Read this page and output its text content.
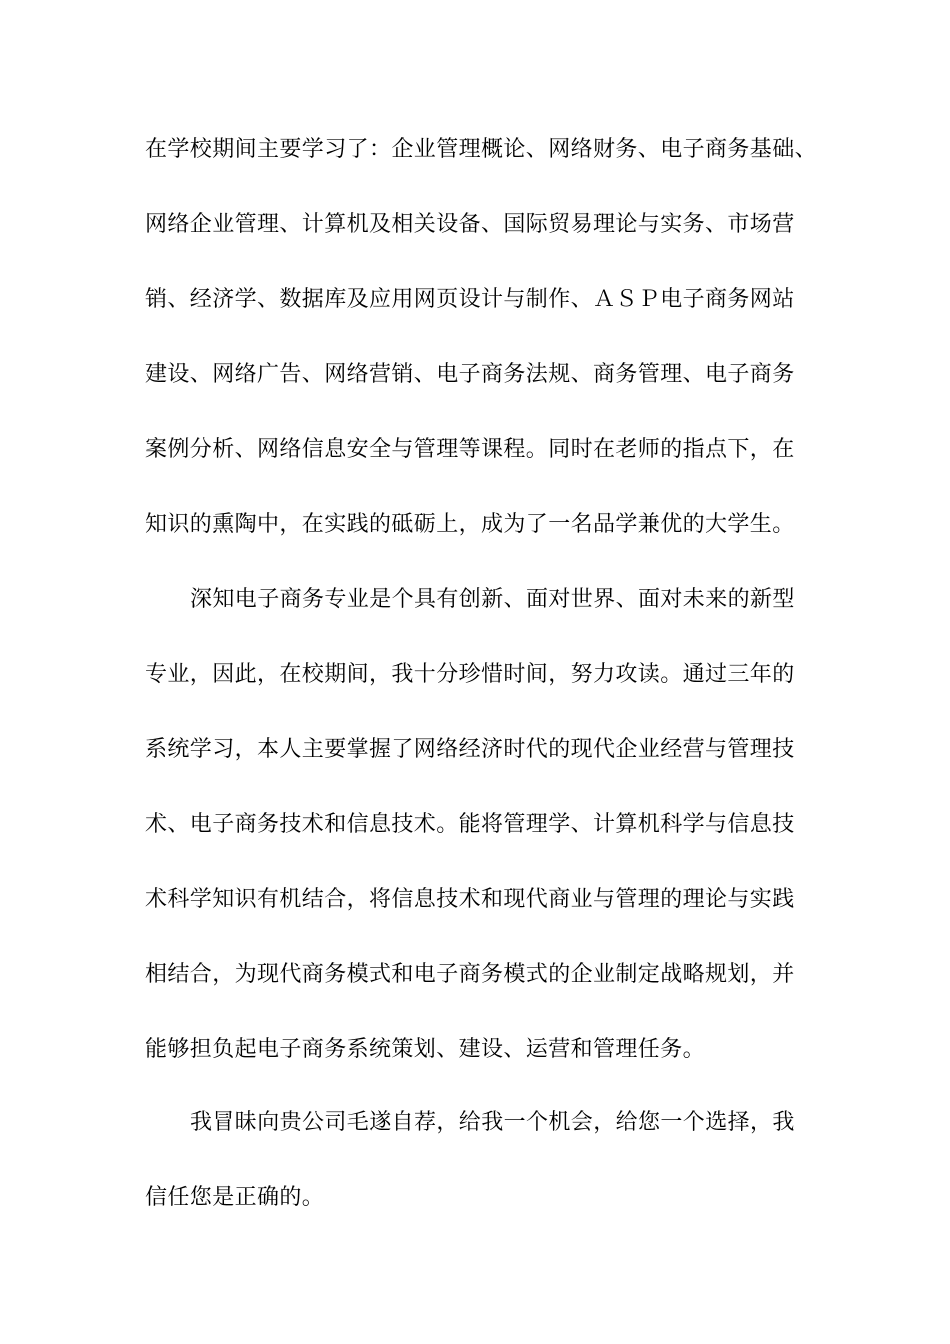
在学校期间主要学习了：企业管理概论、网络财务、电子商务基础、
网络企业管理、计算机及相关设备、国际贸易理论与实务、市场营
销、经济学、数据库及应用网页设计与制作、ＡＳＰ电子商务网站
建设、网络广告、网络营销、电子商务法规、商务管理、电子商务
案例分析、网络信息安全与管理等课程。同时在老师的指点下，在
知识的熏陶中，在实践的砥砺上，成为了一名品学兼优的大学生。
深知电子商务专业是个具有创新、面对世界、面对未来的新型
专业，因此，在校期间，我十分珍惜时间，努力攻读。通过三年的
系统学习，本人主要掌握了网络经济时代的现代企业经营与管理技
术、电子商务技术和信息技术。能将管理学、计算机科学与信息技
术科学知识有机结合，将信息技术和现代商业与管理的理论与实践
相结合，为现代商务模式和电子商务模式的企业制定战略规划，并
能够担负起电子商务系统策划、建设、运营和管理任务。
我冒昧向贵公司毛遂自荐，给我一个机会，给您一个选择，我
信任您是正确的。
